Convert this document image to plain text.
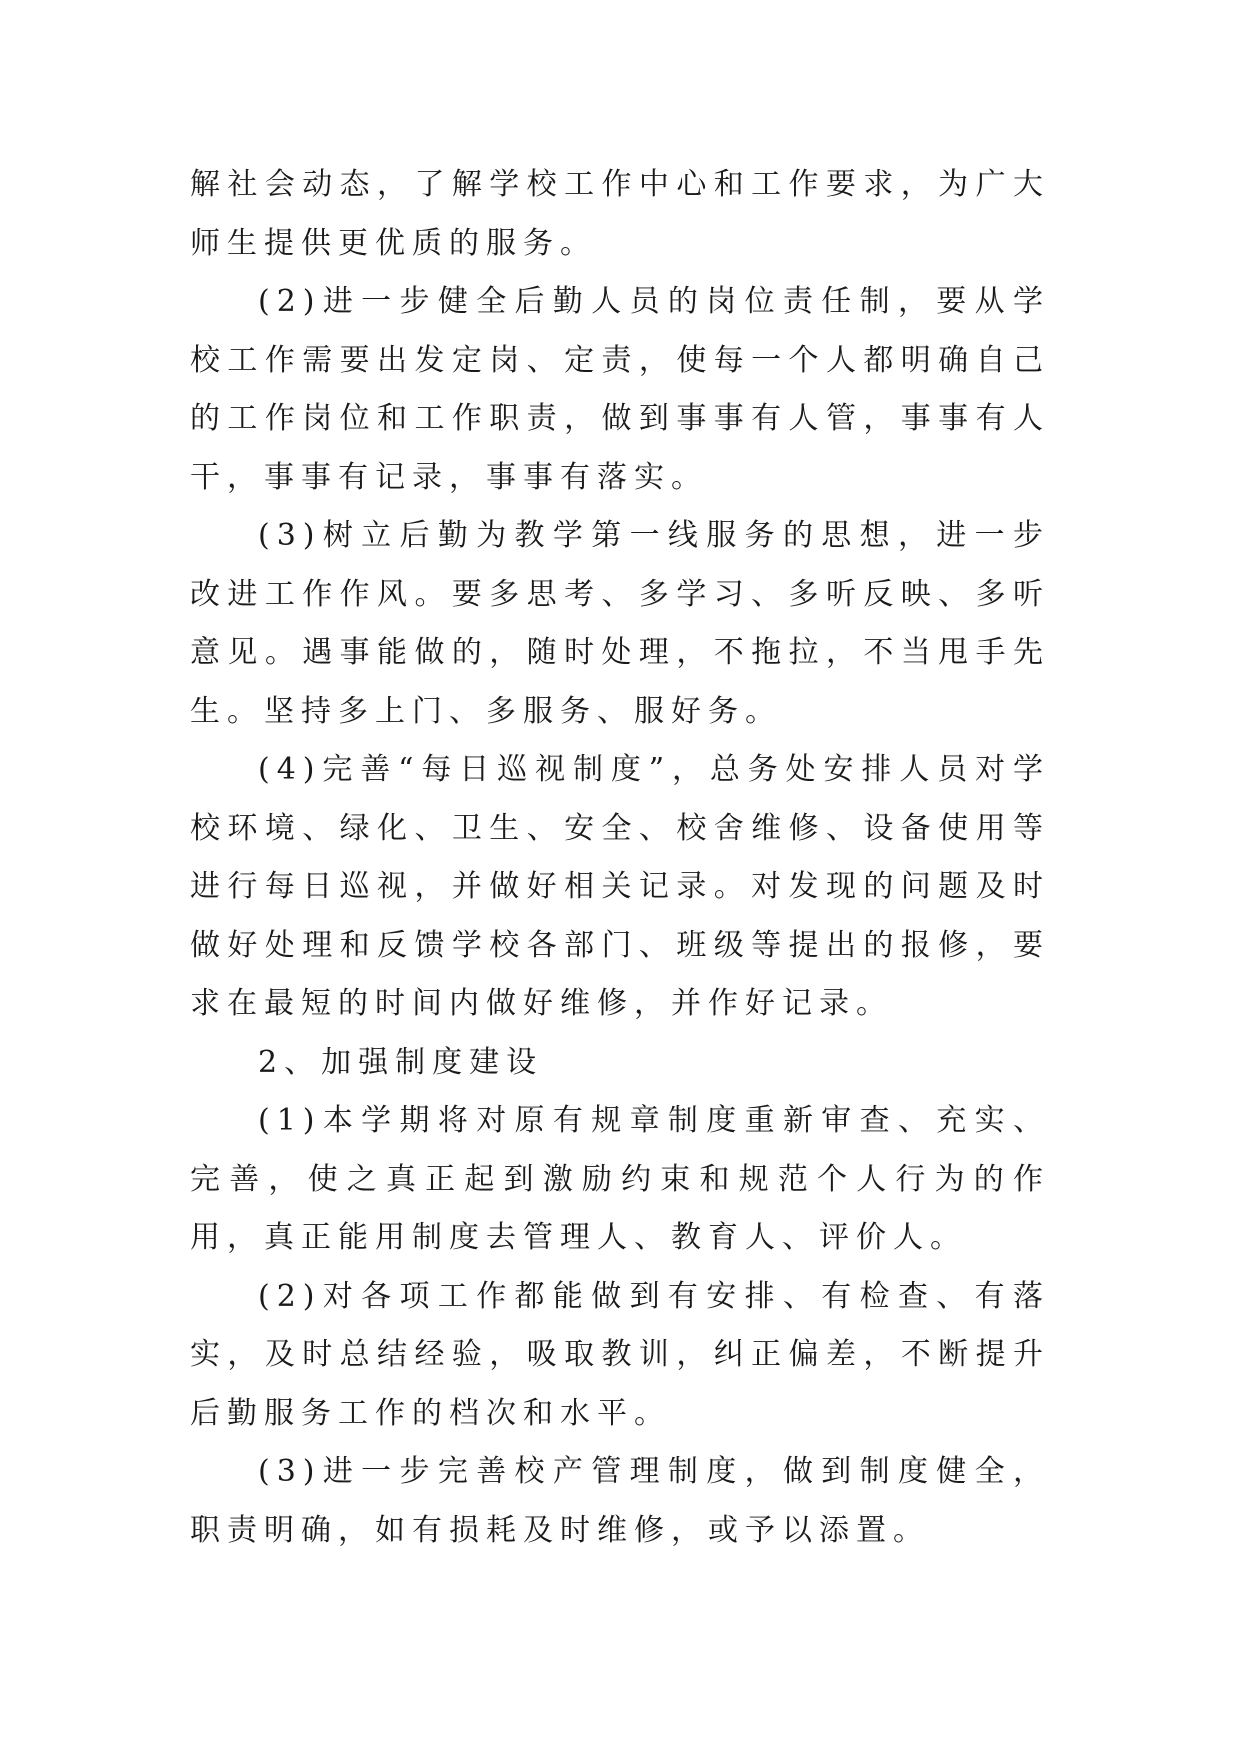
解社会动态，了解学校工作中心和工作要求，为广大师生提供更优质的服务。

(2)进一步健全后勤人员的岗位责任制，要从学校工作需要出发定岗、定责，使每一个人都明确自己的工作岗位和工作职责，做到事事有人管，事事有人干，事事有记录，事事有落实。

(3)树立后勤为教学第一线服务的思想，进一步改进工作作风。要多思考、多学习、多听反映、多听意见。遇事能做的，随时处理，不拖拉，不当甩手先生。坚持多上门、多服务、服好务。

(4)完善“每日巡视制度”，总务处安排人员对学校环境、绿化、卫生、安全、校舍维修、设备使用等进行每日巡视，并做好相关记录。对发现的问题及时做好处理和反馈学校各部门、班级等提出的报修，要求在最短的时间内做好维修，并作好记录。

2、加强制度建设

(1)本学期将对原有规章制度重新审查、充实、完善，使之真正起到激励约束和规范个人行为的作用，真正能用制度去管理人、教育人、评价人。

(2)对各项工作都能做到有安排、有检查、有落实，及时总结经验，吸取教训，纠正偏差，不断提升后勤服务工作的档次和水平。

(3)进一步完善校产管理制度，做到制度健全，职责明确，如有损耗及时维修，或予以添置。
